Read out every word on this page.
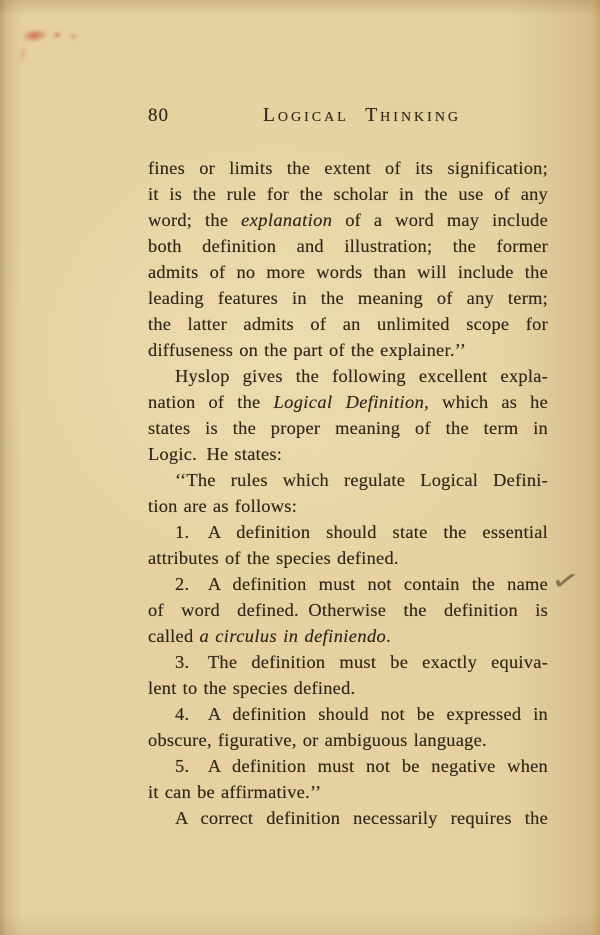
80	Logical Thinking
fines or limits the extent of its signification;
it is the rule for the scholar in the use of any
word; the explanation of a word may include
both definition and illustration; the former
admits of no more words than will include the
leading features in the meaning of any term;
the latter admits of an unlimited scope for
diffuseness on the part of the explainer.’’
Hyslop gives the following excellent expla-
nation of the Logical Definition, which as he
states is the proper meaning of the term in
Logic. He states:
‘‘The rules which regulate Logical Defini-
tion are as follows:
1. A definition should state the essential
attributes of the species defined.
2. A definition must not contain the name
of word defined. Otherwise the definition is
called a circulus in definiendo.
3. The definition must be exactly equiva-
lent to the species defined.
4. A definition should not be expressed in
obscure, figurative, or ambiguous language.
5. A definition must not be negative when
it can be affirmative.’’
A correct definition necessarily requires the
✓
